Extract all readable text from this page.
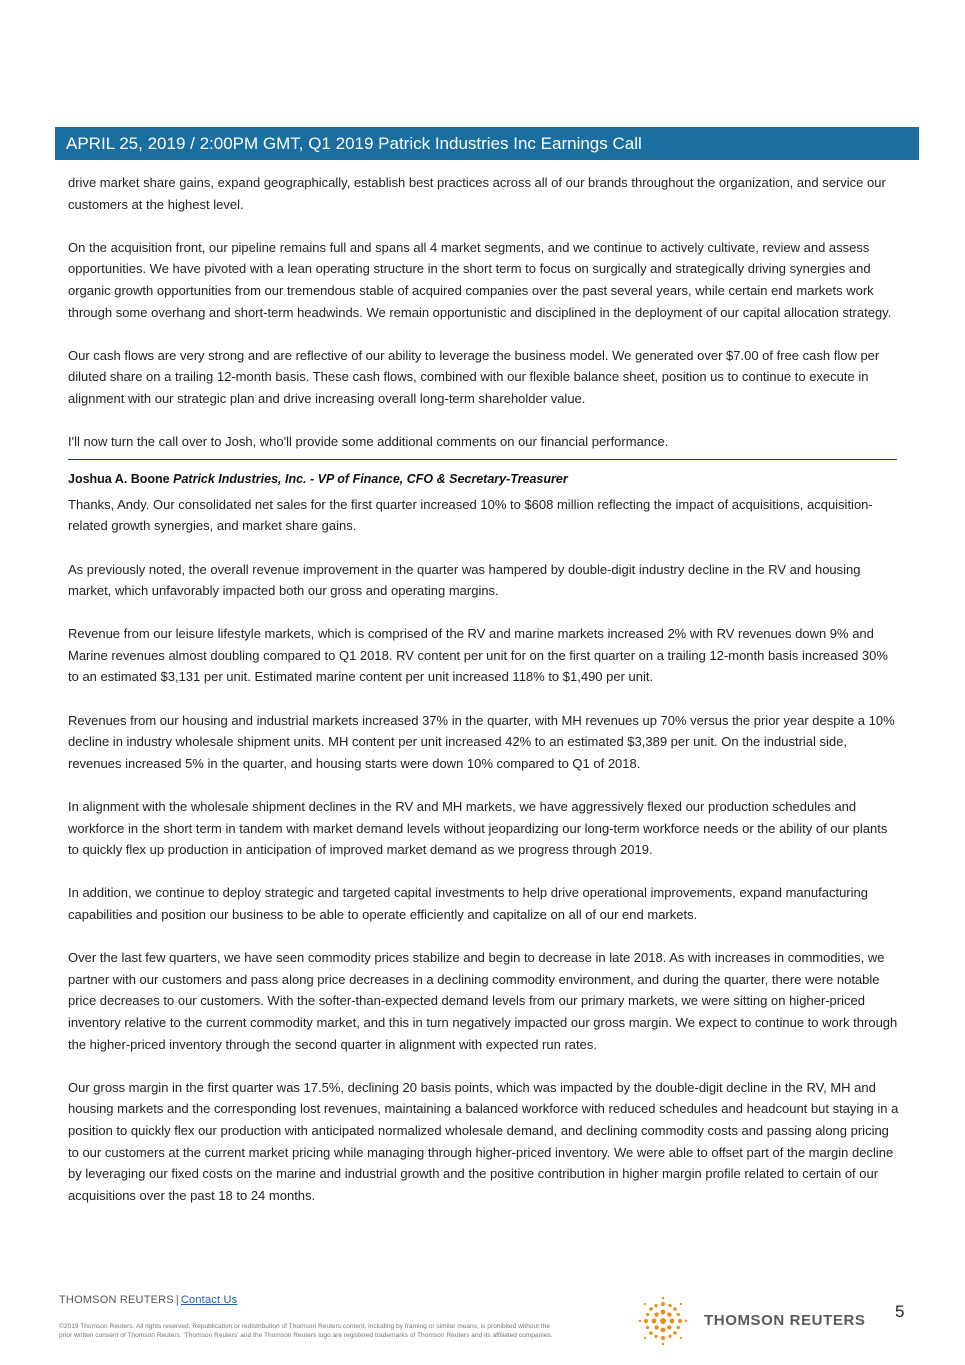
APRIL 25, 2019 / 2:00PM GMT, Q1 2019 Patrick Industries Inc Earnings Call

drive market share gains, expand geographically, establish best practices across all of our brands throughout the organization, and service our customers at the highest level.

On the acquisition front, our pipeline remains full and spans all 4 market segments, and we continue to actively cultivate, review and assess opportunities. We have pivoted with a lean operating structure in the short term to focus on surgically and strategically driving synergies and organic growth opportunities from our tremendous stable of acquired companies over the past several years, while certain end markets work through some overhang and short-term headwinds. We remain opportunistic and disciplined in the deployment of our capital allocation strategy.

Our cash flows are very strong and are reflective of our ability to leverage the business model. We generated over $7.00 of free cash flow per diluted share on a trailing 12-month basis. These cash flows, combined with our flexible balance sheet, position us to continue to execute in alignment with our strategic plan and drive increasing overall long-term shareholder value.

I'll now turn the call over to Josh, who'll provide some additional comments on our financial performance.

Joshua A. Boone Patrick Industries, Inc. - VP of Finance, CFO & Secretary-Treasurer

Thanks, Andy. Our consolidated net sales for the first quarter increased 10% to $608 million reflecting the impact of acquisitions, acquisition-related growth synergies, and market share gains.

As previously noted, the overall revenue improvement in the quarter was hampered by double-digit industry decline in the RV and housing market, which unfavorably impacted both our gross and operating margins.

Revenue from our leisure lifestyle markets, which is comprised of the RV and marine markets increased 2% with RV revenues down 9% and Marine revenues almost doubling compared to Q1 2018. RV content per unit for on the first quarter on a trailing 12-month basis increased 30% to an estimated $3,131 per unit. Estimated marine content per unit increased 118% to $1,490 per unit.

Revenues from our housing and industrial markets increased 37% in the quarter, with MH revenues up 70% versus the prior year despite a 10% decline in industry wholesale shipment units. MH content per unit increased 42% to an estimated $3,389 per unit. On the industrial side, revenues increased 5% in the quarter, and housing starts were down 10% compared to Q1 of 2018.

In alignment with the wholesale shipment declines in the RV and MH markets, we have aggressively flexed our production schedules and workforce in the short term in tandem with market demand levels without jeopardizing our long-term workforce needs or the ability of our plants to quickly flex up production in anticipation of improved market demand as we progress through 2019.

In addition, we continue to deploy strategic and targeted capital investments to help drive operational improvements, expand manufacturing capabilities and position our business to be able to operate efficiently and capitalize on all of our end markets.

Over the last few quarters, we have seen commodity prices stabilize and begin to decrease in late 2018. As with increases in commodities, we partner with our customers and pass along price decreases in a declining commodity environment, and during the quarter, there were notable price decreases to our customers. With the softer-than-expected demand levels from our primary markets, we were sitting on higher-priced inventory relative to the current commodity market, and this in turn negatively impacted our gross margin. We expect to continue to work through the higher-priced inventory through the second quarter in alignment with expected run rates.

Our gross margin in the first quarter was 17.5%, declining 20 basis points, which was impacted by the double-digit decline in the RV, MH and housing markets and the corresponding lost revenues, maintaining a balanced workforce with reduced schedules and headcount but staying in a position to quickly flex our production with anticipated normalized wholesale demand, and declining commodity costs and passing along pricing to our customers at the current market pricing while managing through higher-priced inventory. We were able to offset part of the margin decline by leveraging our fixed costs on the marine and industrial growth and the positive contribution in higher margin profile related to certain of our acquisitions over the past 18 to 24 months.

THOMSON REUTERS | Contact Us
©2019 Thomson Reuters. All rights reserved. Republication or redistribution of Thomson Reuters content, including by framing or similar means, is prohibited without the prior written consent of Thomson Reuters. 'Thomson Reuters' and the Thomson Reuters logo are registered trademarks of Thomson Reuters and its affiliated companies.
THOMSON REUTERS 5
